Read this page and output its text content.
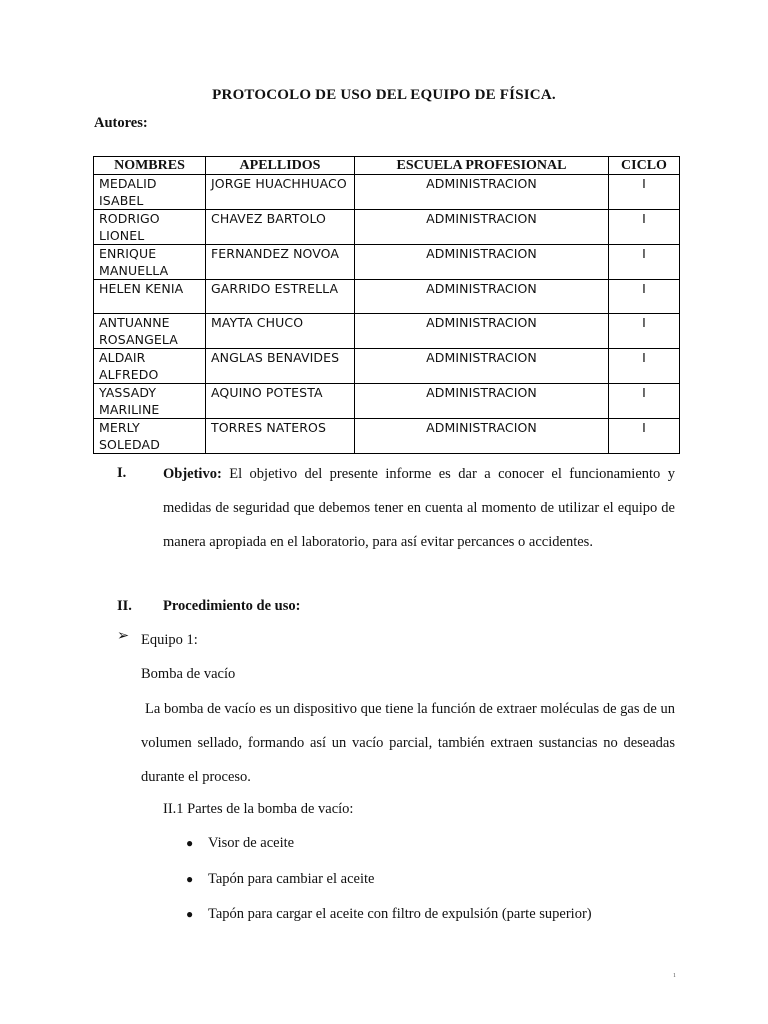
PROTOCOLO DE USO DEL EQUIPO DE FÍSICA.
Autores:
NOMBRES	APELLIDOS	ESCUELA PROFESIONAL	CICLO
MEDALID ISABEL	JORGE HUACHHUACO	ADMINISTRACION	I
RODRIGO LIONEL	CHAVEZ BARTOLO	ADMINISTRACION	I
ENRIQUE MANUELLA	FERNANDEZ NOVOA	ADMINISTRACION	I
HELEN KENIA	GARRIDO ESTRELLA	ADMINISTRACION	I
ANTUANNE ROSANGELA	MAYTA CHUCO	ADMINISTRACION	I
ALDAIR ALFREDO	ANGLAS BENAVIDES	ADMINISTRACION	I
YASSADY MARILINE	AQUINO POTESTA	ADMINISTRACION	I
MERLY SOLEDAD	TORRES NATEROS	ADMINISTRACION	I
I.	Objetivo: El objetivo del presente informe es dar a conocer el funcionamiento y medidas de seguridad que debemos tener en cuenta al momento de utilizar el equipo de manera apropiada en el laboratorio, para así evitar percances o accidentes.
II. Procedimiento de uso:
➢ Equipo 1:
Bomba de vacío
La bomba de vacío es un dispositivo que tiene la función de extraer moléculas de gas de un volumen sellado, formando así un vacío parcial, también extraen sustancias no deseadas durante el proceso.
II.1 Partes de la bomba de vacío:
● Visor de aceite
● Tapón para cambiar el aceite
● Tapón para cargar el aceite con filtro de expulsión (parte superior)
1
